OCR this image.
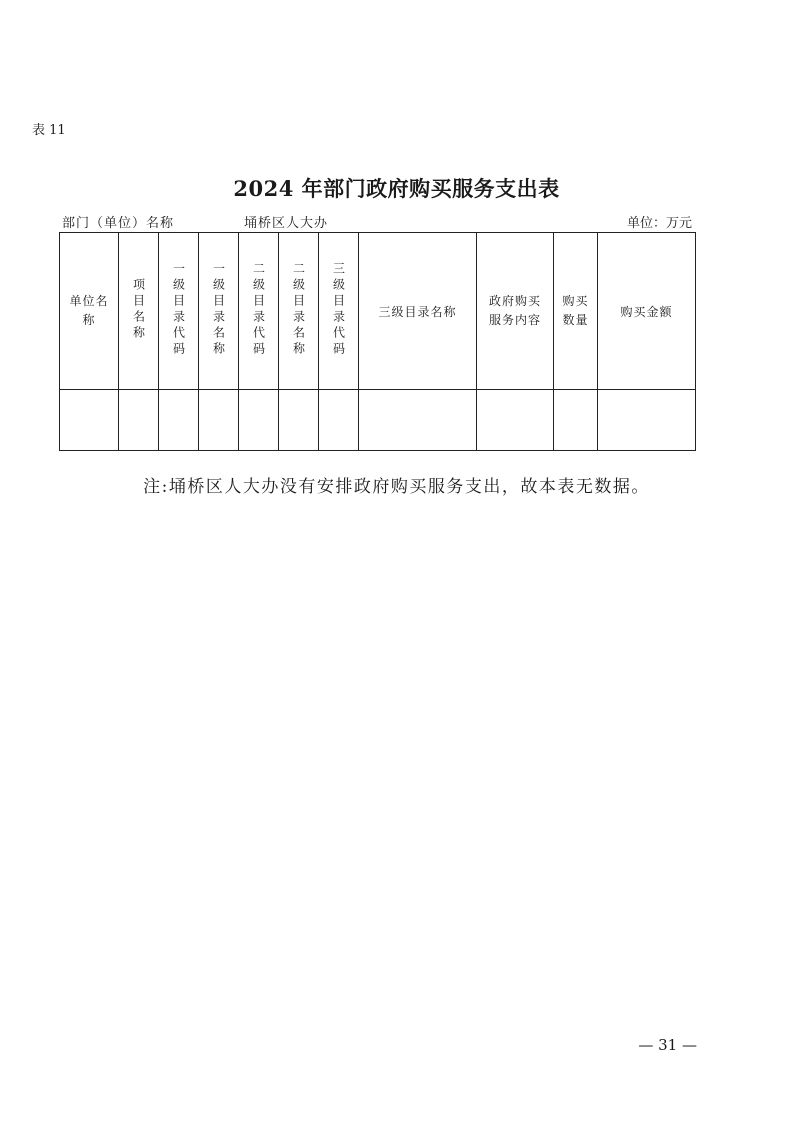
表 11
2024 年部门政府购买服务支出表
部门（单位）名称	埇桥区人大办	单位：万元
单位名称	项目名称	一级目录代码	一级目录名称	二级目录代码	二级目录名称	三级目录代码	三级目录名称	政府购买服务内容	购买数量	购买金额

注:埇桥区人大办没有安排政府购买服务支出，故本表无数据。
— 31 —
